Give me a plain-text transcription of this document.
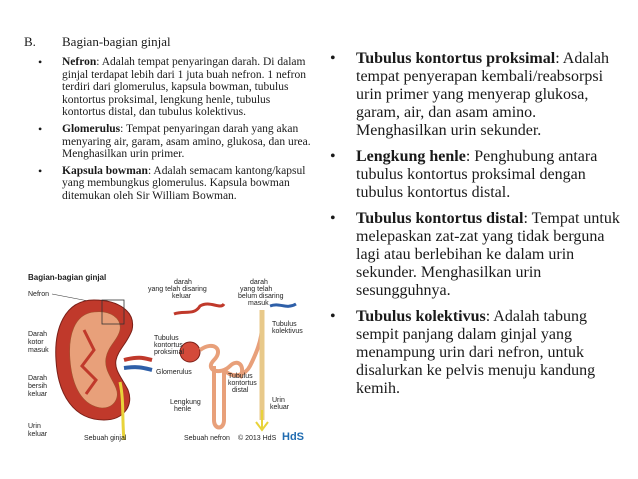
B. Bagian-bagian ginjal
• Nefron: Adalah tempat penyaringan darah. Di dalam ginjal terdapat lebih dari 1 juta buah nefron. 1 nefron terdiri dari glomerulus, kapsula bowman, tubulus kontortus proksimal, lengkung henle, tubulus kontortus distal, dan tubulus kolektivus.
• Glomerulus: Tempat penyaringan darah yang akan menyaring air, garam, asam amino, glukosa, dan urea. Menghasilkan urin primer.
• Kapsula bowman: Adalah semacam kantong/kapsul yang membungkus glomerulus. Kapsula bowman ditemukan oleh Sir William Bowman.
• Tubulus kontortus proksimal: Adalah tempat penyerapan kembali/reabsorpsi urin primer yang menyerap glukosa, garam, air, dan asam amino. Menghasilkan urin sekunder.
• Lengkung henle: Penghubung antara tubulus kontortus proksimal dengan tubulus kontortus distal.
• Tubulus kontortus distal: Tempat untuk melepaskan zat-zat yang tidak berguna lagi atau berlebihan ke dalam urin sekunder. Menghasilkan urin sesungguhnya.
• Tubulus kolektivus: Adalah tabung sempit panjang dalam ginjal yang menampung urin dari nefron, untuk disalurkan ke pelvis menuju kandung kemih.
Bagian-bagian ginjal
Nefron
Darah
kotor
masuk
Darah
bersih
keluar
Urin
keluar
darah
yang telah disaring
keluar
darah
yang telah
belum disaring
masuk
Tubulus
kontortus
proksimal
Tubulus
kolektivus
Glomerulus
Tubulus
kontortus
distal
Lengkung
henle
Urin
keluar
Sebuah ginjal	Sebuah nefron © 2013 HdS HdS
